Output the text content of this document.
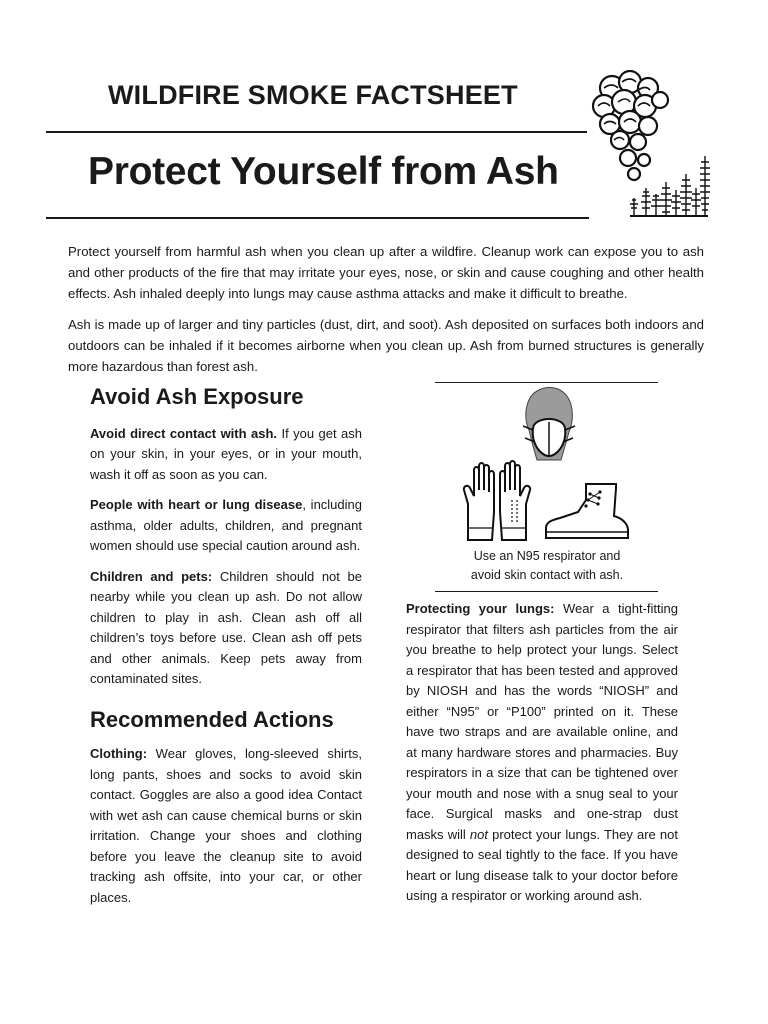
WILDFIRE SMOKE FACTSHEET
Protect Yourself from Ash

Protect yourself from harmful ash when you clean up after a wildfire. Cleanup work can expose you to ash and other products of the fire that may irritate your eyes, nose, or skin and cause coughing and other health effects. Ash inhaled deeply into lungs may cause asthma attacks and make it difficult to breathe.

Ash is made up of larger and tiny particles (dust, dirt, and soot). Ash deposited on surfaces both indoors and outdoors can be inhaled if it becomes airborne when you clean up. Ash from burned structures is generally more hazardous than forest ash.

Avoid Ash Exposure

Avoid direct contact with ash. If you get ash on your skin, in your eyes, or in your mouth, wash it off as soon as you can.

People with heart or lung disease, including asthma, older adults, children, and pregnant women should use special caution around ash.

Children and pets: Children should not be nearby while you clean up ash. Do not allow children to play in ash. Clean ash off all children’s toys before use. Clean ash off pets and other animals. Keep pets away from contaminated sites.

Recommended Actions

Clothing: Wear gloves, long-sleeved shirts, long pants, shoes and socks to avoid skin contact. Goggles are also a good idea Contact with wet ash can cause chemical burns or skin irritation. Change your shoes and clothing before you leave the cleanup site to avoid tracking ash offsite, into your car, or other places.

Use an N95 respirator and
avoid skin contact with ash.

Protecting your lungs: Wear a tight-fitting respirator that filters ash particles from the air you breathe to help protect your lungs. Select a respirator that has been tested and approved by NIOSH and has the words “NIOSH” and either “N95” or “P100” printed on it. These have two straps and are available online, and at many hardware stores and pharmacies. Buy respirators in a size that can be tightened over your mouth and nose with a snug seal to your face. Surgical masks and one-strap dust masks will not protect your lungs. They are not designed to seal tightly to the face. If you have heart or lung disease talk to your doctor before using a respirator or working around ash.
